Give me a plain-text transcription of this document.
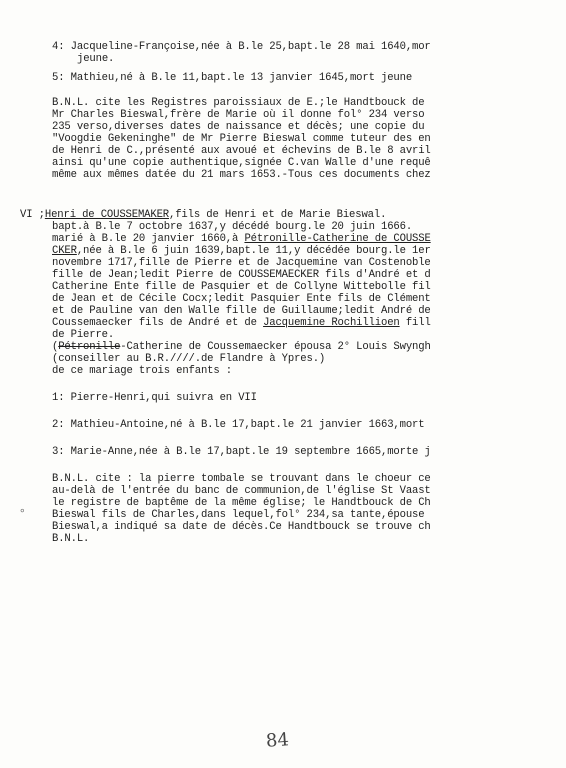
4: Jacqueline-Françoise,née à B.le 25,bapt.le 28 mai 1640,mor
jeune.
5: Mathieu,né à B.le 11,bapt.le 13 janvier 1645,mort jeune
B.N.L. cite les Registres paroissiaux de E.;le Handtbouck de
Mr Charles Bieswal,frère de Marie où il donne fol° 234 verso
235 verso,diverses dates de naissance et décès; une copie du
"Voogdie Gekeninghe" de Mr Pierre Bieswal comme tuteur des en
de Henri de C.,présenté aux avoué et échevins de B.le 8 avril
ainsi qu'une copie authentique,signée C.van Walle d'une requê
même aux mêmes datée du 21 mars 1653.-Tous ces documents chez
VI ;Henri de COUSSEMAKER,fils de Henri et de Marie Bieswal.
bapt.à B.le 7 octobre 1637,y décédé bourg.le 20 juin 1666.
marié à B.le 20 janvier 1660,à Pétronille-Catherine de COUSSE
CKER,née à B.le 6 juin 1639,bapt.le 11,y décédée bourg.le 1er
novembre 1717,fille de Pierre et de Jacquemine van Costenoble
fille de Jean;ledit Pierre de COUSSEMAECKER fils d'André et d
Catherine Ente fille de Pasquier et de Collyne Wittebolle fil
de Jean et de Cécile Cocx;ledit Pasquier Ente fils de Clément
et de Pauline van den Walle fille de Guillaume;ledit André de
Coussemaecker fils de André et de Jacquemine Rochillioen fill
de Pierre.
(Pétronille-Catherine de Coussemaecker épousa 2° Louis Swyngh
(conseiller au B.R.////.de Flandre à Ypres.)
de ce mariage trois enfants :
1: Pierre-Henri,qui suivra en VII
2: Mathieu-Antoine,né à B.le 17,bapt.le 21 janvier 1663,mort
3: Marie-Anne,née à B.le 17,bapt.le 19 septembre 1665,morte j
B.N.L. cite : la pierre tombale se trouvant dans le choeur ce
au-delà de l'entrée du banc de communion,de l'église St Vaast
le registre de baptême de la même église; le Handtbouck de Ch
Bieswal fils de Charles,dans lequel,fol° 234,sa tante,épouse
Bieswal,a indiqué sa date de décès.Ce Handtbouck se trouve ch
B.N.L.
∘
84
